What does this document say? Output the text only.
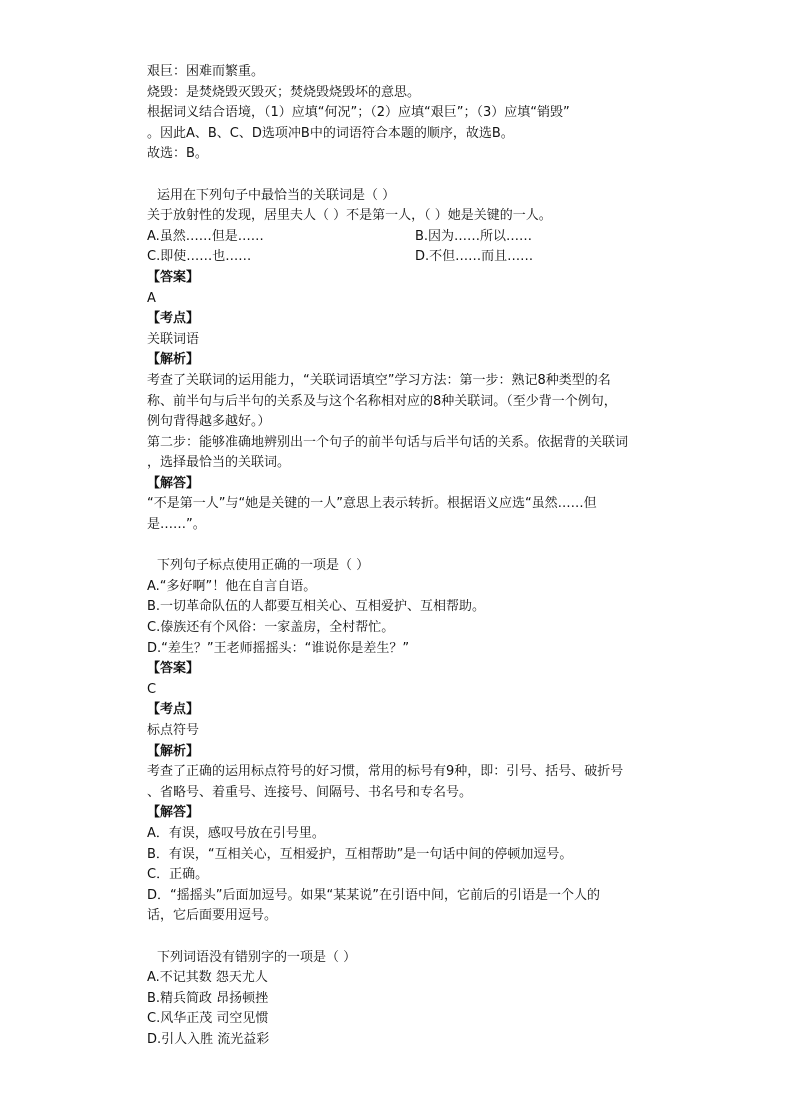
艰巨：困难而繁重。
烧毁：是焚烧毁灭毁灭；焚烧毁烧毁坏的意思。
根据词义结合语境，（1）应填“何况”；（2）应填“艰巨”；（3）应填“销毁”
。因此A、B、C、D选项冲B中的词语符合本题的顺序，故选B。
故选：B。
运用在下列句子中最恰当的关联词是（ ）
关于放射性的发现，居里夫人（ ）不是第一人，（ ）她是关键的一人。
A.虽然……但是……	B.因为……所以……
C.即使……也……	D.不但……而且……
【答案】
A
【考点】
关联词语
【解析】
考查了关联词的运用能力，“关联词语填空”学习方法：第一步：熟记8种类型的名
称、前半句与后半句的关系及与这个名称相对应的8种关联词。（至少背一个例句，
例句背得越多越好。）
第二步：能够准确地辨别出一个句子的前半句话与后半句话的关系。依据背的关联词
，选择最恰当的关联词。
【解答】
“不是第一人”与“她是关键的一人”意思上表示转折。根据语义应选“虽然……但
是……”。
下列句子标点使用正确的一项是（ ）
A.“多好啊”！他在自言自语。
B.一切革命队伍的人都要互相关心、互相爱护、互相帮助。
C.傣族还有个风俗：一家盖房，全村帮忙。
D.“差生？”王老师摇摇头：“谁说你是差生？”
【答案】
C
【考点】
标点符号
【解析】
考查了正确的运用标点符号的好习惯，常用的标号有9种，即：引号、括号、破折号
、省略号、着重号、连接号、间隔号、书名号和专名号。
【解答】
A．有误，感叹号放在引号里。
B．有误，“互相关心，互相爱护，互相帮助”是一句话中间的停顿加逗号。
C．正确。
D．“摇摇头”后面加逗号。如果“某某说”在引语中间，它前后的引语是一个人的
话，它后面要用逗号。
下列词语没有错别字的一项是（ ）
A.不记其数 怨天尤人
B.精兵简政 昂扬顿挫
C.风华正茂 司空见惯
D.引人入胜 流光益彩
